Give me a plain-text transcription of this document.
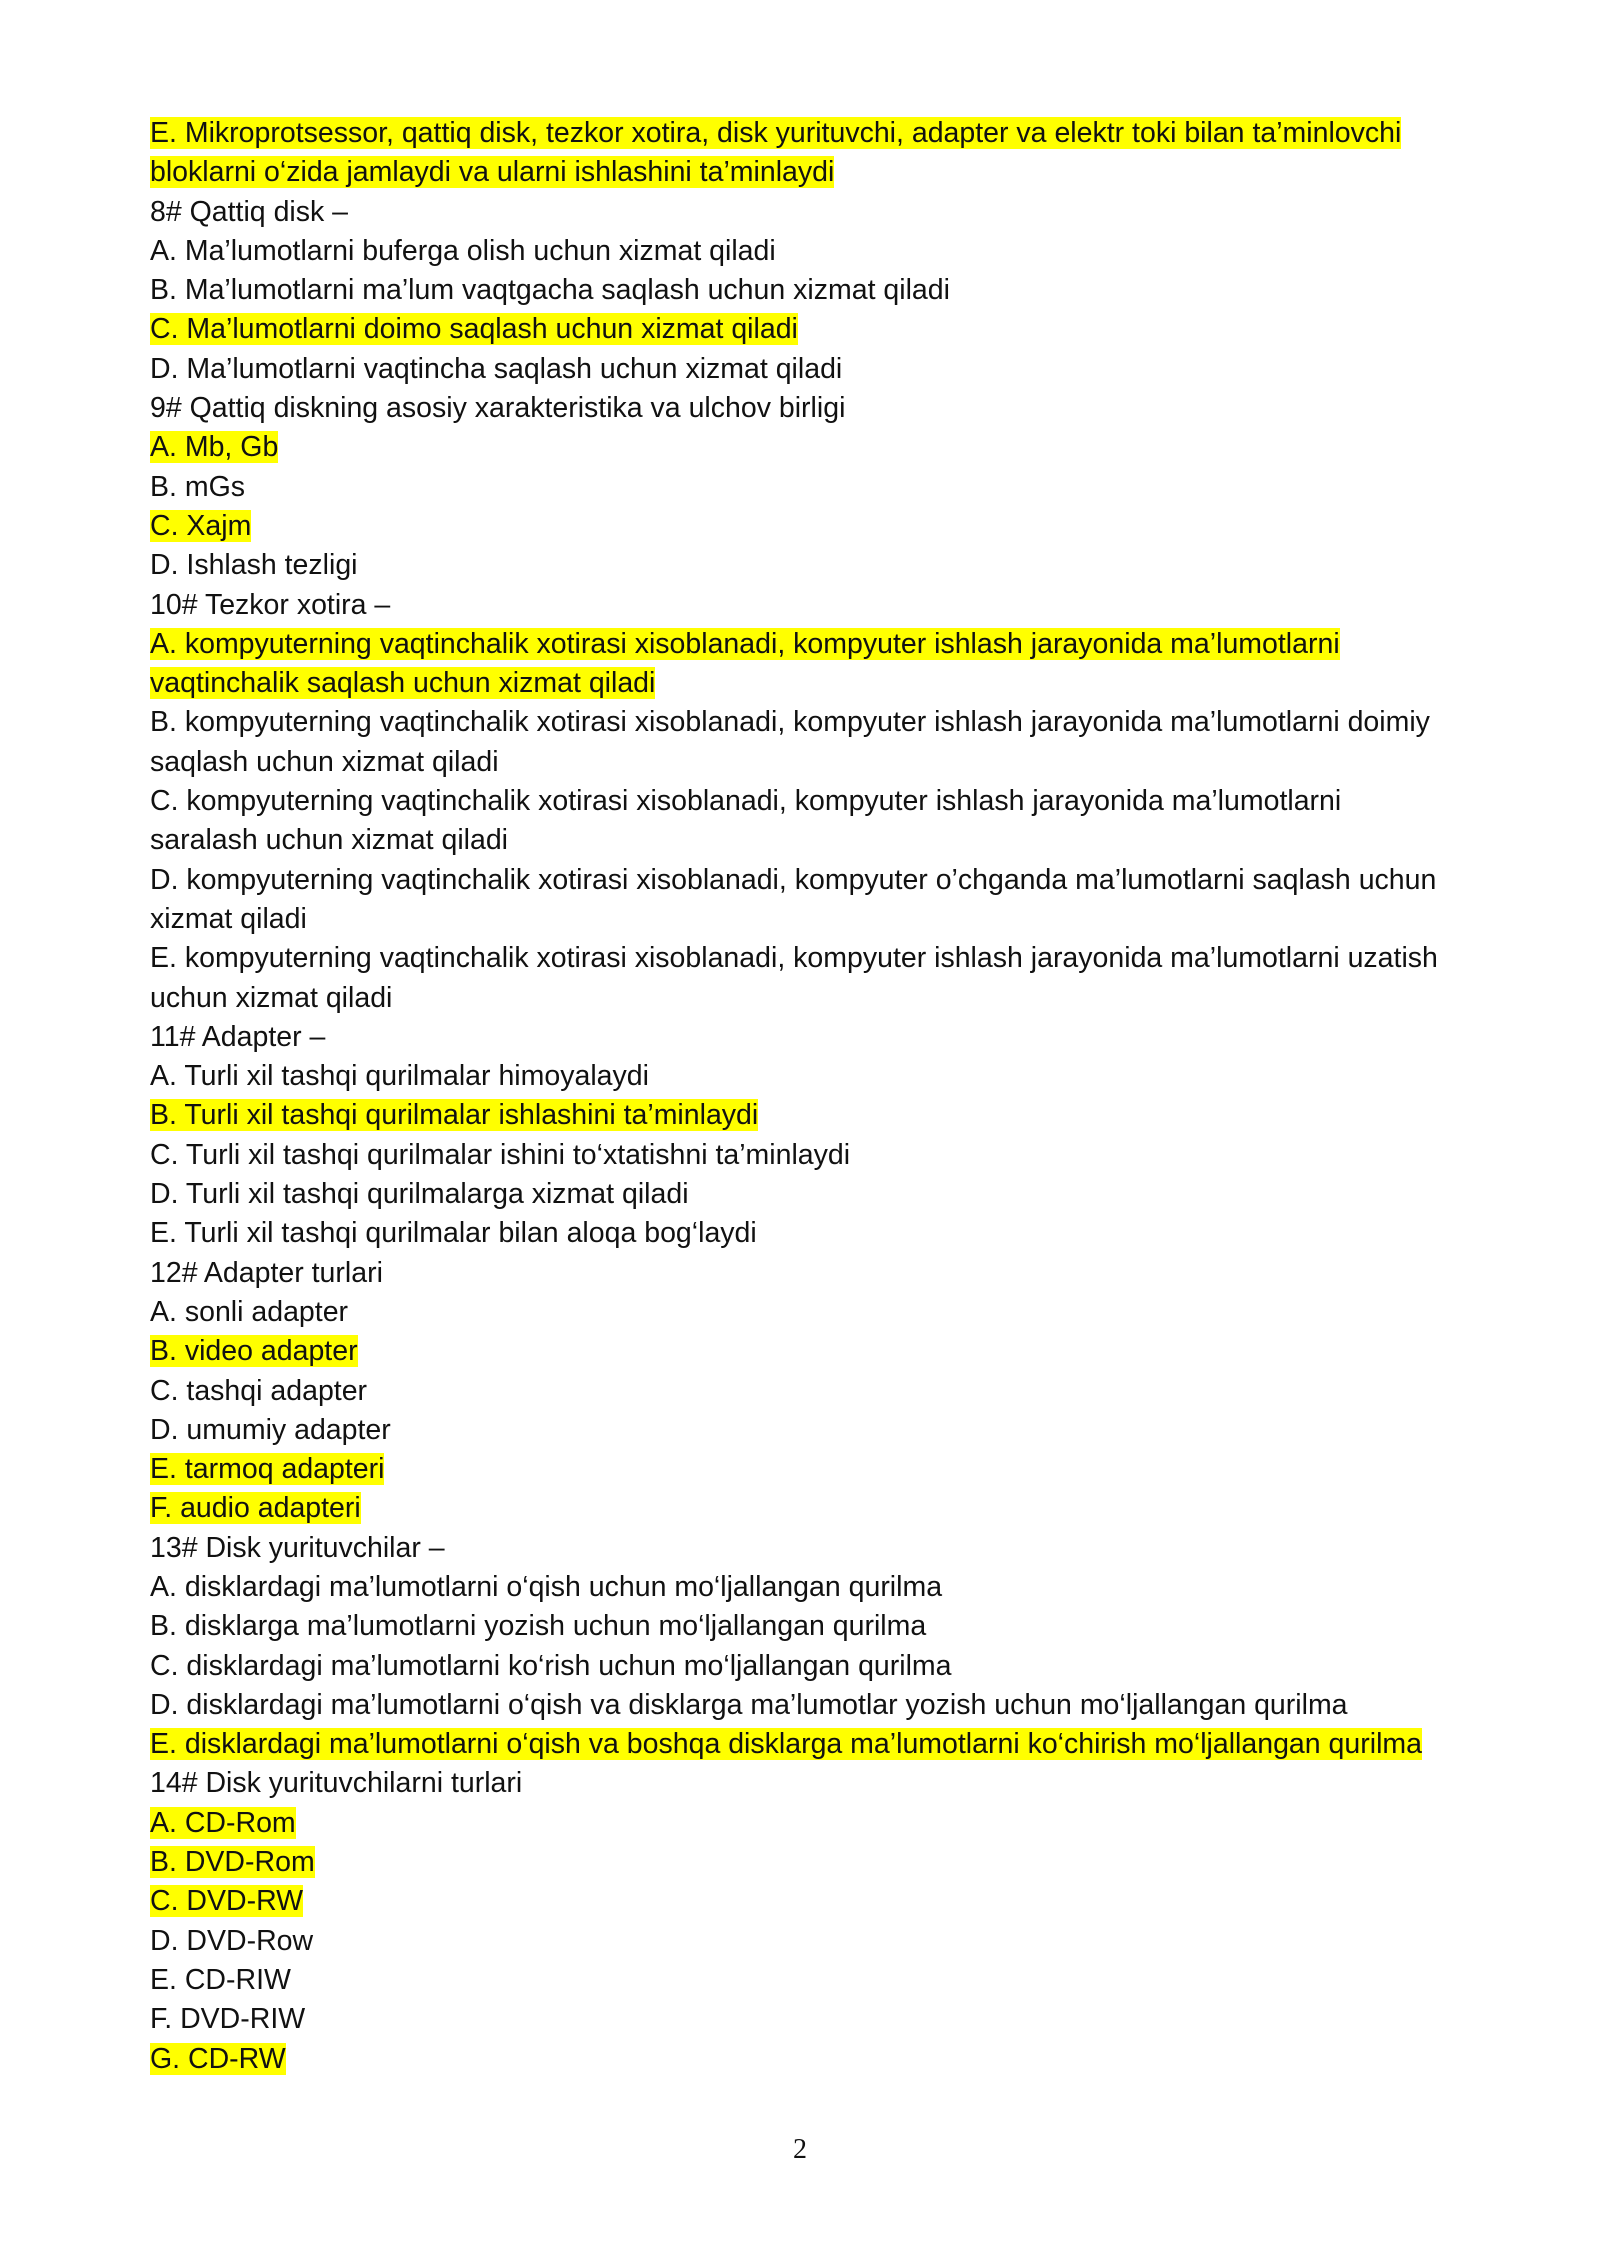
E. Mikroprotsessor, qattiq disk, tezkor xotira, disk yurituvchi, adapter va elektr toki bilan ta’minlovchi bloklarni o‘zida jamlaydi va ularni ishlashini ta’minlaydi

8# Qattiq disk –

A. Ma’lumotlarni buferga olish uchun xizmat qiladi

B. Ma’lumotlarni ma’lum vaqtgacha saqlash uchun xizmat qiladi

C. Ma’lumotlarni doimo saqlash uchun xizmat qiladi

D. Ma’lumotlarni vaqtincha saqlash uchun xizmat qiladi

9# Qattiq diskning asosiy xarakteristika va ulchov birligi

A. Mb, Gb

B. mGs

C. Xajm

D. Ishlash tezligi

10# Tezkor xotira –

A. kompyuterning vaqtinchalik xotirasi xisoblanadi, kompyuter ishlash jarayonida ma’lumotlarni vaqtinchalik saqlash uchun xizmat qiladi

B. kompyuterning vaqtinchalik xotirasi xisoblanadi, kompyuter ishlash jarayonida ma’lumotlarni doimiy saqlash uchun xizmat qiladi

C. kompyuterning vaqtinchalik xotirasi xisoblanadi, kompyuter ishlash jarayonida ma’lumotlarni saralash uchun xizmat qiladi

D. kompyuterning vaqtinchalik xotirasi xisoblanadi, kompyuter o’chganda ma’lumotlarni saqlash uchun xizmat qiladi

E. kompyuterning vaqtinchalik xotirasi xisoblanadi, kompyuter ishlash jarayonida ma’lumotlarni uzatish uchun xizmat qiladi

11# Adapter –

A. Turli xil tashqi qurilmalar himoyalaydi

B. Turli xil tashqi qurilmalar ishlashini ta’minlaydi

C. Turli xil tashqi qurilmalar ishini to‘xtatishni ta’minlaydi

D. Turli xil tashqi qurilmalarga xizmat qiladi

E. Turli xil tashqi qurilmalar bilan aloqa bog‘laydi

12# Adapter turlari

A. sonli adapter

B. video adapter

C. tashqi adapter

D. umumiy adapter

E. tarmoq adapteri

F. audio adapteri

13# Disk yurituvchilar –

A. disklardagi ma’lumotlarni o‘qish uchun mo‘ljallangan qurilma

B. disklarga ma’lumotlarni yozish uchun mo‘ljallangan qurilma

C. disklardagi ma’lumotlarni ko‘rish uchun mo‘ljallangan qurilma

D. disklardagi ma’lumotlarni o‘qish va disklarga ma’lumotlar yozish uchun mo‘ljallangan qurilma

E. disklardagi ma’lumotlarni o‘qish va boshqa disklarga ma’lumotlarni ko‘chirish mo‘ljallangan qurilma

14# Disk yurituvchilarni turlari

A. CD-Rom

B. DVD-Rom

C. DVD-RW

D. DVD-Row

E. CD-RIW

F. DVD-RIW

G. CD-RW

2
